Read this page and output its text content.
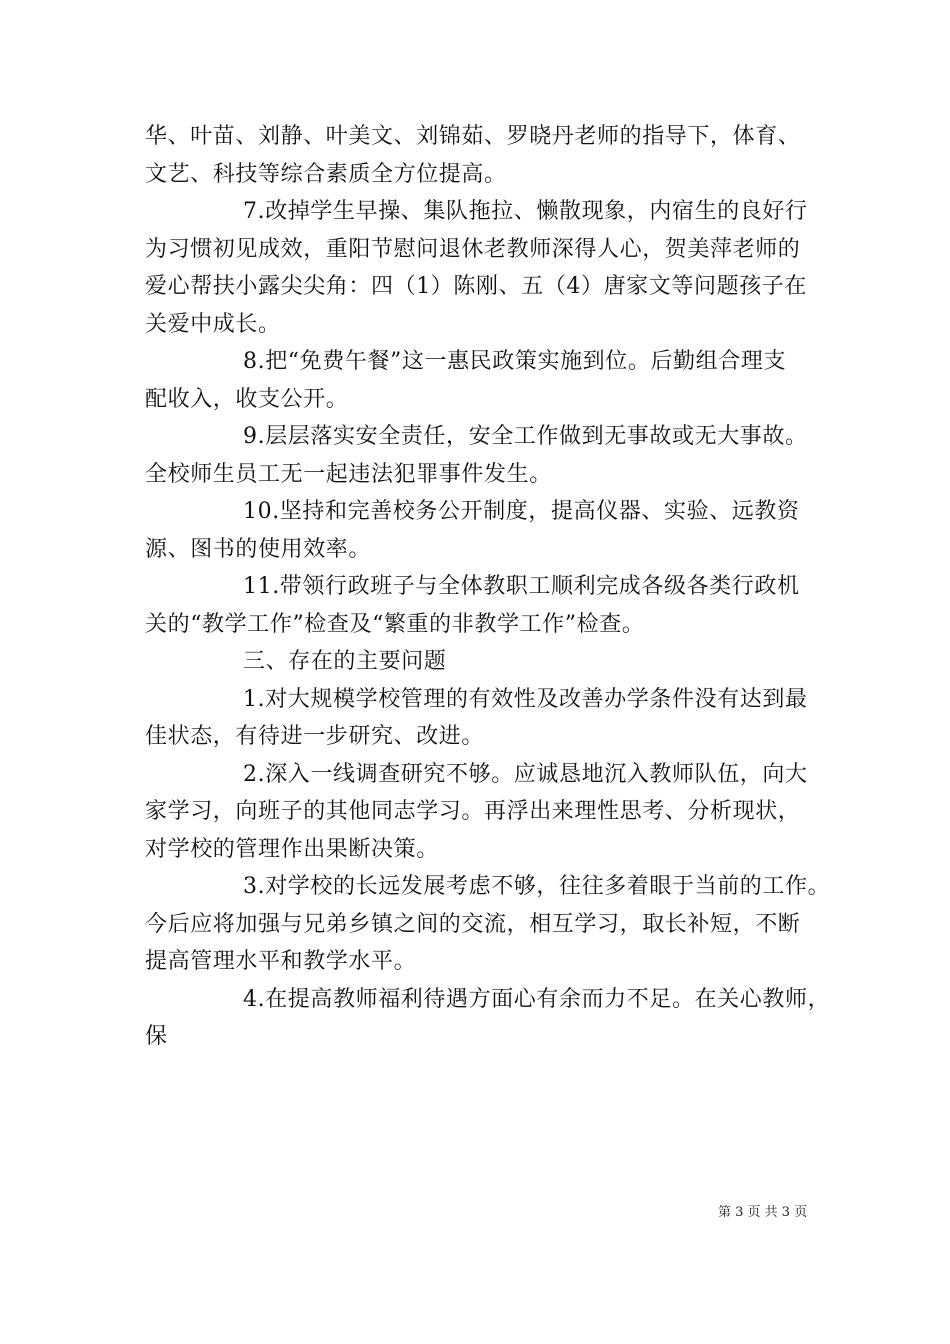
华、叶苗、刘静、叶美文、刘锦茹、罗晓丹老师的指导下，体育、
文艺、科技等综合素质全方位提高。
7.改掉学生早操、集队拖拉、懒散现象，内宿生的良好行
为习惯初见成效，重阳节慰问退休老教师深得人心，贺美萍老师的
爱心帮扶小露尖尖角：四（1）陈刚、五（4）唐家文等问题孩子在
关爱中成长。
8.把“免费午餐”这一惠民政策实施到位。后勤组合理支
配收入，收支公开。
9.层层落实安全责任，安全工作做到无事故或无大事故。
全校师生员工无一起违法犯罪事件发生。
10.坚持和完善校务公开制度，提高仪器、实验、远教资
源、图书的使用效率。
11.带领行政班子与全体教职工顺利完成各级各类行政机
关的“教学工作”检查及“繁重的非教学工作”检查。
三、存在的主要问题
1.对大规模学校管理的有效性及改善办学条件没有达到最
佳状态，有待进一步研究、改进。
2.深入一线调查研究不够。应诚恳地沉入教师队伍，向大
家学习，向班子的其他同志学习。再浮出来理性思考、分析现状，
对学校的管理作出果断决策。
3.对学校的长远发展考虑不够，往往多着眼于当前的工作。
今后应将加强与兄弟乡镇之间的交流，相互学习，取长补短，不断
提高管理水平和教学水平。
4.在提高教师福利待遇方面心有余而力不足。在关心教师，
保
第 3 页 共 3 页
